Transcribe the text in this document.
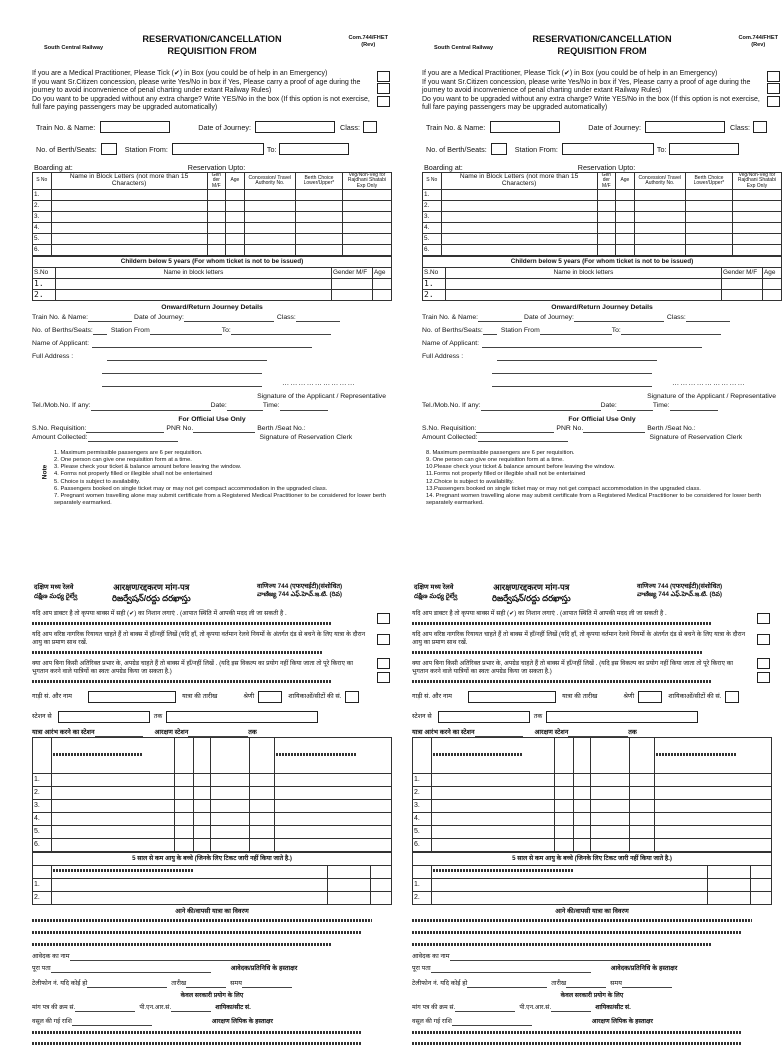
South Central Railway
RESERVATION/CANCELLATION
REQUISITION FROM
Com.744/FHET
(Rev)
If you are a Medical Practitioner, Please Tick (✔) in Box (you could be of help in an Emergency)
If you want Sr.Citizen concession, please write Yes/No in box if Yes, Please carry a proof of age during the journey to avoid inconvenience of penal charting under extant Railway Rules)
Do you want to be upgraded without any extra charge? Write YES/No in the box (If this option is not exercise, full fare paying passengers may be upgraded automatically)
Train No. & Name:	Date of Journey:	Class:
No. of Berth/Seats:	Station From:	To:
Boarding at:	Reservation Upto:
S No	Name in Block Letters (not more than 15 Characters)	Gen der M/F	Age	Concession/ Travel Authority No.	Berth Choice Lower/Upper*	Veg/Non-Veg for Rajdhani Shatabi Exp Only
1.						
2.						
3.						
4.						
5.						
6.						
Childern below 5 years (For whom ticket is not to be issued)			
S.No	Name in block letters	Gender M/F	Age
1.			
2.			
Onward/Return Journey Details
Train No. & Name:	Date of Journey:	Class:
No. of Berths/Seats:	Station From	To:
Name of Applicant:
Full Address :
………………………
Signature of the Applicant / Representative
Tel./Mob.No. If any:	Date:	Time:
For Official Use Only
S.No. Requisition:	PNR No.	Berth /Seat No.:
Amount Collected:	Signature of Reservation Clerk
Note
1. Maximum permissible passengers are 6 per requisition.
2. One person can give one requisition form at a time.
3. Please check your ticket & balance amount before leaving the window.
4. Forms not properly filled or illegible shall not be entertained
5. Choice is subject to availability.
6. Passengers booked on single ticket may or may not get compact accommodation in the upgraded class.
7. Pregnant women travelling alone may submit certificate from a Registered Medical Practitioner to be considered for lower berth separately earmarked.
South Central Railway
RESERVATION/CANCELLATION
REQUISITION FROM
Com.744/FHET
(Rev)
If you are a Medical Practitioner, Please Tick (✔) in Box (you could be of help in an Emergency)
If you want Sr.Citizen concession, please write Yes/No in box if Yes, Please carry a proof of age during the journey to avoid inconvenience of penal charting under extant Railway Rules)
Do you want to be upgraded without any extra charge? Write YES/No in the box (If this option is not exercise, full fare paying passengers may be upgraded automatically)
Train No. & Name:	Date of Journey:	Class:
No. of Berth/Seats:	Station From:	To:
Boarding at:	Reservation Upto:
S No	Name in Block Letters (not more than 15 Characters)	Gen der M/F	Age	Concession/ Travel Authority No.	Berth Choice Lower/Upper*	Veg/Non-Veg for Rajdhani Shatabi Exp Only
1.						
2.						
3.						
4.						
5.						
6.						
Childern below 5 years (For whom ticket is not to be issued)			
S.No	Name in block letters	Gender M/F	Age
1.			
2.			
Onward/Return Journey Details
Train No. & Name:	Date of Journey:	Class:
No. of Berths/Seats:	Station From	To:
Name of Applicant:
Full Address :
………………………
Signature of the Applicant / Representative
Tel./Mob.No. If any:	Date:	Time:
For Official Use Only
S.No. Requisition:	PNR No.	Berth /Seat No.:
Amount Collected:	Signature of Reservation Clerk
8. Maximum permissible passengers are 6 per requisition.
9. One person can give one requisition form at a time.
10.Please check your ticket & balance amount before leaving the window.
11.Forms not properly filled or illegible shall not be entertained
12.Choice is subject to availability.
13.Passengers booked on single ticket may or may not get compact accommodation in the upgraded class.
14. Pregnant women travelling alone may submit certificate from a Registered Medical Practitioner to be considered for lower berth separately earmarked.
दक्षिण मध्य रेलवे
దక్షిణ మధ్య రైల్వే
आरक्षण/रद्दकरण मांग-पत्र
రిజర్వేషన్/రద్దు దరఖాస్తు
वाणिज्य 744 (एफएचईटी)(संशोधित)
వాణిజ్య 744 ఎఫ్.హెచ్.ఇ.టి. (రివ)
यदि आप डाक्टर है तो कृपया बाक्स में सही (✔) का निशान लगाएं . (आपात स्थिति में आपकी मदद ली जा सकती है .
यदि आप वरिष्ठ नागरिक रियायत चाहते हैं तो बाक्स में हाँ/नहीं लिखें (यदि हाँ, तो कृपया वर्तमान रेलवे नियमों के अंतर्गत दंड से बचने के लिए यात्रा के दौरान आयु का प्रमाण साथ रखें.
क्या आप बिना किसी अतिरिक्त प्रभार के, अपग्रेड चाहते हैं तो बाक्स में हाँ/नहीं लिखें . (यदि इस विकल्प का प्रयोग नहीं किया जाता तो पूरे किराए का भुगतान करने वाले यात्रियों का स्वतः अपग्रेड किया जा सकता है.)
गाड़ी सं. और नाम	यात्रा की तारीख	श्रेणी	शायिकाओं/सीटों की सं.
स्टेशन से	तक
यात्रा आरंभ करने का स्टेशन	आरक्षण स्टेशन	तक

1.						
2.						
3.						
4.						
5.						
6.						
5 साल से कम आयु के बच्चे (जिनके लिए टिकट जारी नहीं किया जाते है.)			

1.			
2.			
आने की/वापसी यात्रा का विवरण
आवेदक का नाम
पूरा पता	आवेदक/प्रतिनिधि के हस्ताक्षर
टेलीफोन नं. यदि कोई हो	तारीख	समय
केवल सरकारी प्रयोग के लिए
मांग पत्र की क्रम सं.	पी.एन.आर.सं.	शायिका/सीट सं.
वसूल की गई राशि	आरक्षण लिपिक के हस्ताक्षर
दक्षिण मध्य रेलवे
దక్షిణ మధ్య రైల్వే
आरक्षण/रद्दकरण मांग-पत्र
రిజర్వేషన్/రద్దు దరఖాస్తు
वाणिज्य 744 (एफएचईटी)(संशोधित)
వాణిజ్య 744 ఎఫ్.హెచ్.ఇ.టి. (రివ)
यदि आप डाक्टर है तो कृपया बाक्स में सही (✔) का निशान लगाएं . (आपात स्थिति में आपकी मदद ली जा सकती है .
यदि आप वरिष्ठ नागरिक रियायत चाहते हैं तो बाक्स में हाँ/नहीं लिखें (यदि हाँ, तो कृपया वर्तमान रेलवे नियमों के अंतर्गत दंड से बचने के लिए यात्रा के दौरान आयु का प्रमाण साथ रखें.
क्या आप बिना किसी अतिरिक्त प्रभार के, अपग्रेड चाहते हैं तो बाक्स में हाँ/नहीं लिखें . (यदि इस विकल्प का प्रयोग नहीं किया जाता तो पूरे किराए का भुगतान करने वाले यात्रियों का स्वतः अपग्रेड किया जा सकता है.)
गाड़ी सं. और नाम	यात्रा की तारीख	श्रेणी	शायिकाओं/सीटों की सं.
स्टेशन से	तक
यात्रा आरंभ करने का स्टेशन	आरक्षण स्टेशन	तक

1.						
2.						
3.						
4.						
5.						
6.						
5 साल से कम आयु के बच्चे (जिनके लिए टिकट जारी नहीं किया जाते है.)			

1.			
2.			
आने की/वापसी यात्रा का विवरण
आवेदक का नाम
पूरा पता	आवेदक/प्रतिनिधि के हस्ताक्षर
टेलीफोन नं. यदि कोई हो	तारीख	समय
केवल सरकारी प्रयोग के लिए
मांग पत्र की क्रम सं.	पी.एन.आर.सं.	शायिका/सीट सं.
वसूल की गई राशि	आरक्षण लिपिक के हस्ताक्षर
